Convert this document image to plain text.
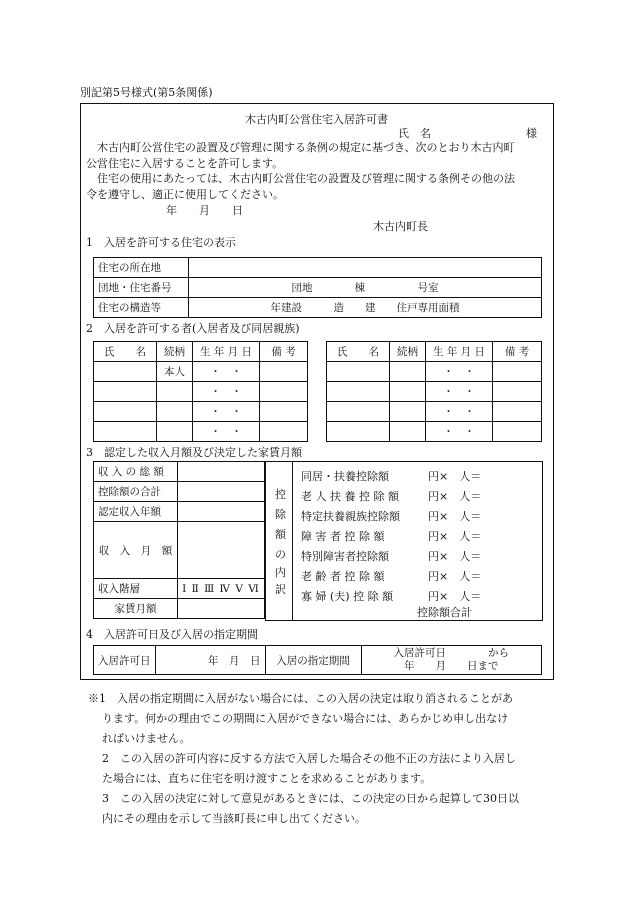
別記第5号様式(第5条関係)
木古内町公営住宅入居許可書
氏　名	様
　木古内町公営住宅の設置及び管理に関する条例の規定に基づき、次のとおり木古内町
公営住宅に入居することを許可します。
　住宅の使用にあたっては、木古内町公営住宅の設置及び管理に関する条例その他の法
令を遵守し、適正に使用してください。
年　　月　　日
木古内町長
1　入居を許可する住宅の表示
住宅の所在地	
団地・住宅番号	団地　　　　棟　　　　　号室
住宅の構造等	年建設　　　造　　建　　住戸専用面積
2　入居を許可する者(入居者及び同居親族)
氏　　名	続柄	生 年 月 日	備 考
	本人	・　・	
		・　・	
		・　・	
		・　・	
氏　　名	続柄	生 年 月 日	備 考
		・　・	
		・　・	
		・　・	
		・　・	
3　認定した収入月額及び決定した家賃月額
収 入 の 総 額	
控除額の合計	
認定収入年額	
収　入　月　額	
収入階層	Ⅰ Ⅱ Ⅲ Ⅳ Ⅴ Ⅵ
家賃月額	
控
除
額
の
内
訳
同居・扶養控除額	円×　人＝
老 人 扶 養 控 除 額	円×　人＝
特定扶養親族控除額	円×　人＝
障 害 者 控 除 額	円×　人＝
特別障害者控除額	円×　人＝
老 齢 者 控 除 額	円×　人＝
寡 婦 (夫) 控 除 額	円×　人＝
控除額合計
4　入居許可日及び入居の指定期間
入居許可日	年　月　日	入居の指定期間	
入居許可日　　　　から
年　　月　　日まで
※1　入居の指定期間に入居がない場合には、この入居の決定は取り消されることがあ
ります。何かの理由でこの期間に入居ができない場合には、あらかじめ申し出なけ
ればいけません。
2　この入居の許可内容に反する方法で入居した場合その他不正の方法により入居し
た場合には、直ちに住宅を明け渡すことを求めることがあります。
3　この入居の決定に対して意見があるときには、この決定の日から起算して30日以
内にその理由を示して当該町長に申し出てください。
